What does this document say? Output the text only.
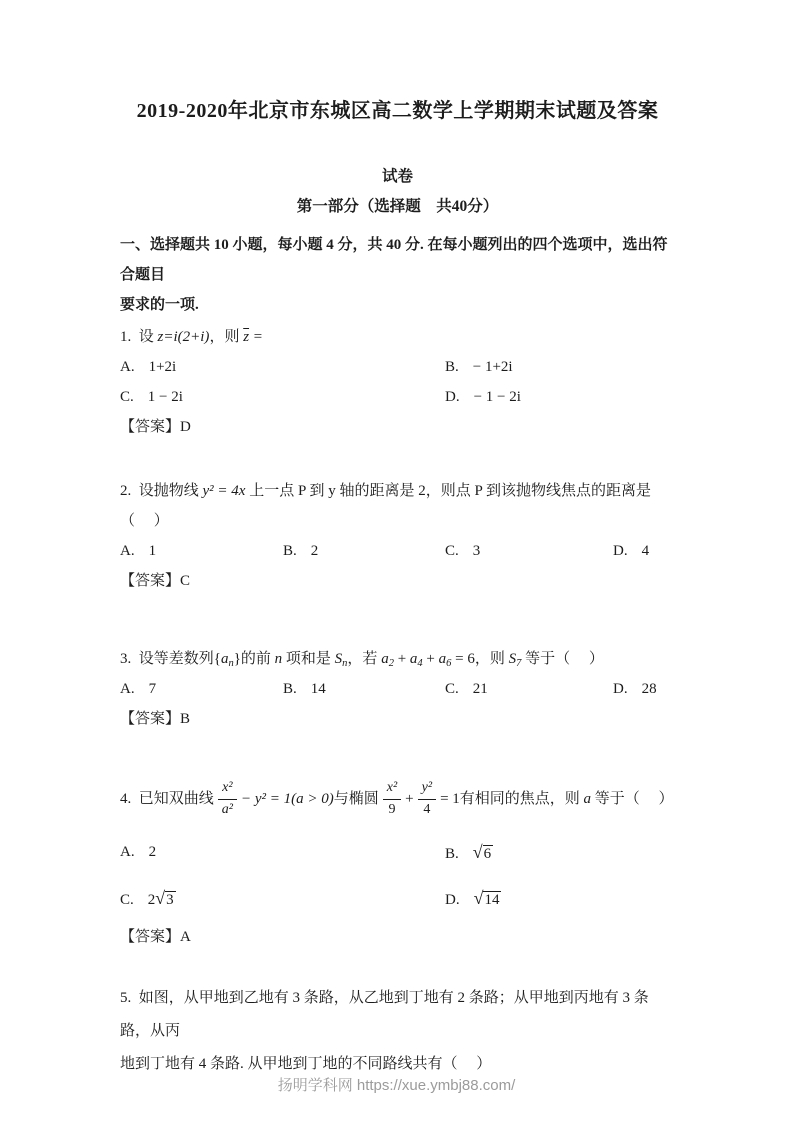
2019-2020年北京市东城区高二数学上学期期末试题及答案
试卷
第一部分（选择题    共40分）

一、选择题共 10 小题，每小题 4 分，共 40 分. 在每小题列出的四个选项中，选出符合题目

要求的一项.

1.  设 z=i(2+i)，则 $\overline{z}$ =

A. 1+2i	B. − 1+2i
C. 1 − 2i	D. − 1 − 2i

【答案】D

2.  设抛物线 y² = 4x 上一点 P 到 y 轴的距离是 2，则点 P 到该抛物线焦点的距离是（     ）

A. 1	B. 2	C. 3	D. 4

【答案】C

3.  设等差数列$\{a_n\}$的前 n 项和是 $S_n$，若 $a_2 + a_4 + a_6 = 6$，则 $S_7$ 等于（     ）

A. 7	B. 14	C. 21	D. 28

【答案】B

4.  已知双曲线 $\frac{\text{x²}}{\text{a²}} - y^2 = 1(a > 0)$ 与椭圆 $\frac{\text{x²}}{9} + \frac{\text{y²}}{4} = 1$ 有相同的焦点，则 a 等于（     ）

A. 2	B. √6
C. 2√3	D. √14

【答案】A

5.  如图，从甲地到乙地有 3 条路，从乙地到丁地有 2 条路；从甲地到丙地有 3 条路，从丙

地到丁地有 4 条路. 从甲地到丁地的不同路线共有（     ）

扬明学科网 https://xue.ymbj88.com/
